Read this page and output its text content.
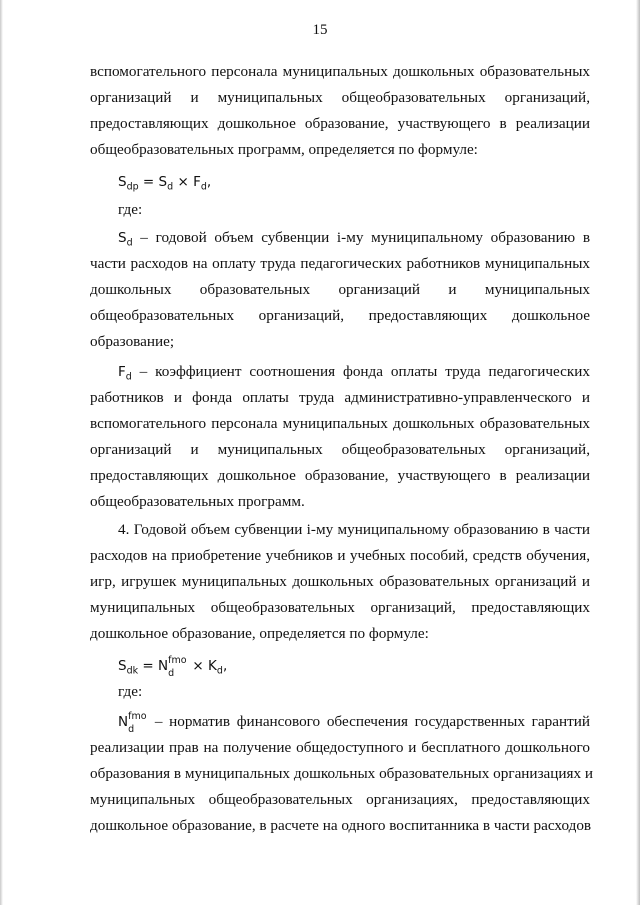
15
вспомогательного персонала муниципальных дошкольных образовательных
организаций и муниципальных общеобразовательных организаций,
предоставляющих дошкольное образование, участвующего в реализации
общеобразовательных программ, определяется по формуле:
$S_{dp} = S_d \times F_d$,
где:
$S_d$ – годовой объем субвенции i-му муниципальному образованию в
части расходов на оплату труда педагогических работников муниципальных
дошкольных образовательных организаций и муниципальных
общеобразовательных организаций, предоставляющих дошкольное
образование;
$F_d$ – коэффициент соотношения фонда оплаты труда педагогических
работников и фонда оплаты труда административно-управленческого и
вспомогательного персонала муниципальных дошкольных образовательных
организаций и муниципальных общеобразовательных организаций,
предоставляющих дошкольное образование, участвующего в реализации
общеобразовательных программ.
4. Годовой объем субвенции i-му муниципальному образованию в части
расходов на приобретение учебников и учебных пособий, средств обучения,
игр, игрушек муниципальных дошкольных образовательных организаций и
муниципальных общеобразовательных организаций, предоставляющих
дошкольное образование, определяется по формуле:
$S_{dk} = N$ fmo
$d \times K_d$,
где:
N fmo
d – норматив финансового обеспечения государственных гарантий
реализации прав на получение общедоступного и бесплатного дошкольного
образования в муниципальных дошкольных образовательных организациях и
муниципальных общеобразовательных организациях, предоставляющих
дошкольное образование, в расчете на одного воспитанника в части расходов
